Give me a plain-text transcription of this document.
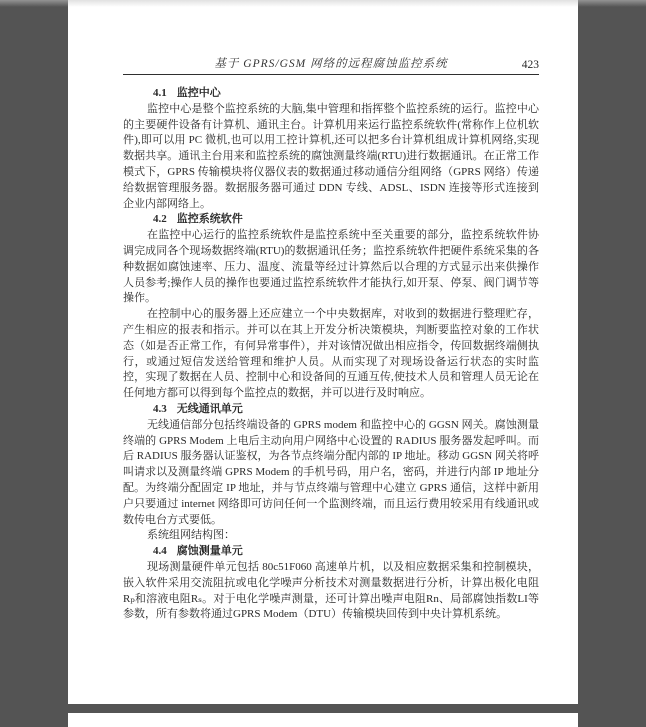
基于 GPRS/GSM 网络的远程腐蚀监控系统	423
4.1 监控中心

监控中心是整个监控系统的大脑,集中管理和指挥整个监控系统的运行。监控中心的主要硬件设备有计算机、通讯主台。计算机用来运行监控系统软件(常称作上位机软件),即可以用 PC 微机,也可以用工控计算机,还可以把多台计算机组成计算机网络,实现数据共享。通讯主台用来和监控系统的腐蚀测量终端(RTU)进行数据通讯。在正常工作模式下，GPRS 传输模块将仪器仪表的数据通过移动通信分组网络（GPRS 网络）传递给数据管理服务器。数据服务器可通过 DDN 专线、ADSL、ISDN 连接等形式连接到企业内部网络上。

4.2 监控系统软件

在监控中心运行的监控系统软件是监控系统中至关重要的部分，监控系统软件协调完成同各个现场数据终端(RTU)的数据通讯任务；监控系统软件把硬件系统采集的各种数据如腐蚀速率、压力、温度、流量等经过计算然后以合理的方式显示出来供操作人员参考;操作人员的操作也要通过监控系统软件才能执行,如开泵、停泵、阀门调节等操作。

在控制中心的服务器上还应建立一个中央数据库，对收到的数据进行整理贮存，产生相应的报表和指示。并可以在其上开发分析决策模块，判断要监控对象的工作状态（如是否正常工作，有何异常事件），并对该情况做出相应指令，传回数据终端侧执行，或通过短信发送给管理和维护人员。从而实现了对现场设备运行状态的实时监控，实现了数据在人员、控制中心和设备间的互通互传,使技术人员和管理人员无论在任何地方都可以得到每个监控点的数据，并可以进行及时响应。

4.3 无线通讯单元

无线通信部分包括终端设备的 GPRS modem 和监控中心的 GGSN 网关。腐蚀测量终端的 GPRS Modem 上电后主动向用户网络中心设置的 RADIUS 服务器发起呼叫。而后 RADIUS 服务器认证鉴权，为各节点终端分配内部的 IP 地址。移动 GGSN 网关将呼叫请求以及测量终端 GPRS Modem 的手机号码，用户名，密码，并进行内部 IP 地址分配。为终端分配固定 IP 地址，并与节点终端与管理中心建立 GPRS 通信，这样中新用户只要通过 internet 网络即可访问任何一个监测终端，而且运行费用较采用有线通讯或数传电台方式要低。

系统组网结构图：

4.4 腐蚀测量单元

现场测量硬件单元包括 80c51F060 高速单片机，以及相应数据采集和控制模块，嵌入软件采用交流阻抗或电化学噪声分析技术对测量数据进行分析，计算出极化电阻Rₚ和溶液电阻Rₛ。对于电化学噪声测量，还可计算出噪声电阻Rn、局部腐蚀指数LI等参数，所有参数将通过GPRS Modem（DTU）传输模块回传到中央计算机系统。
